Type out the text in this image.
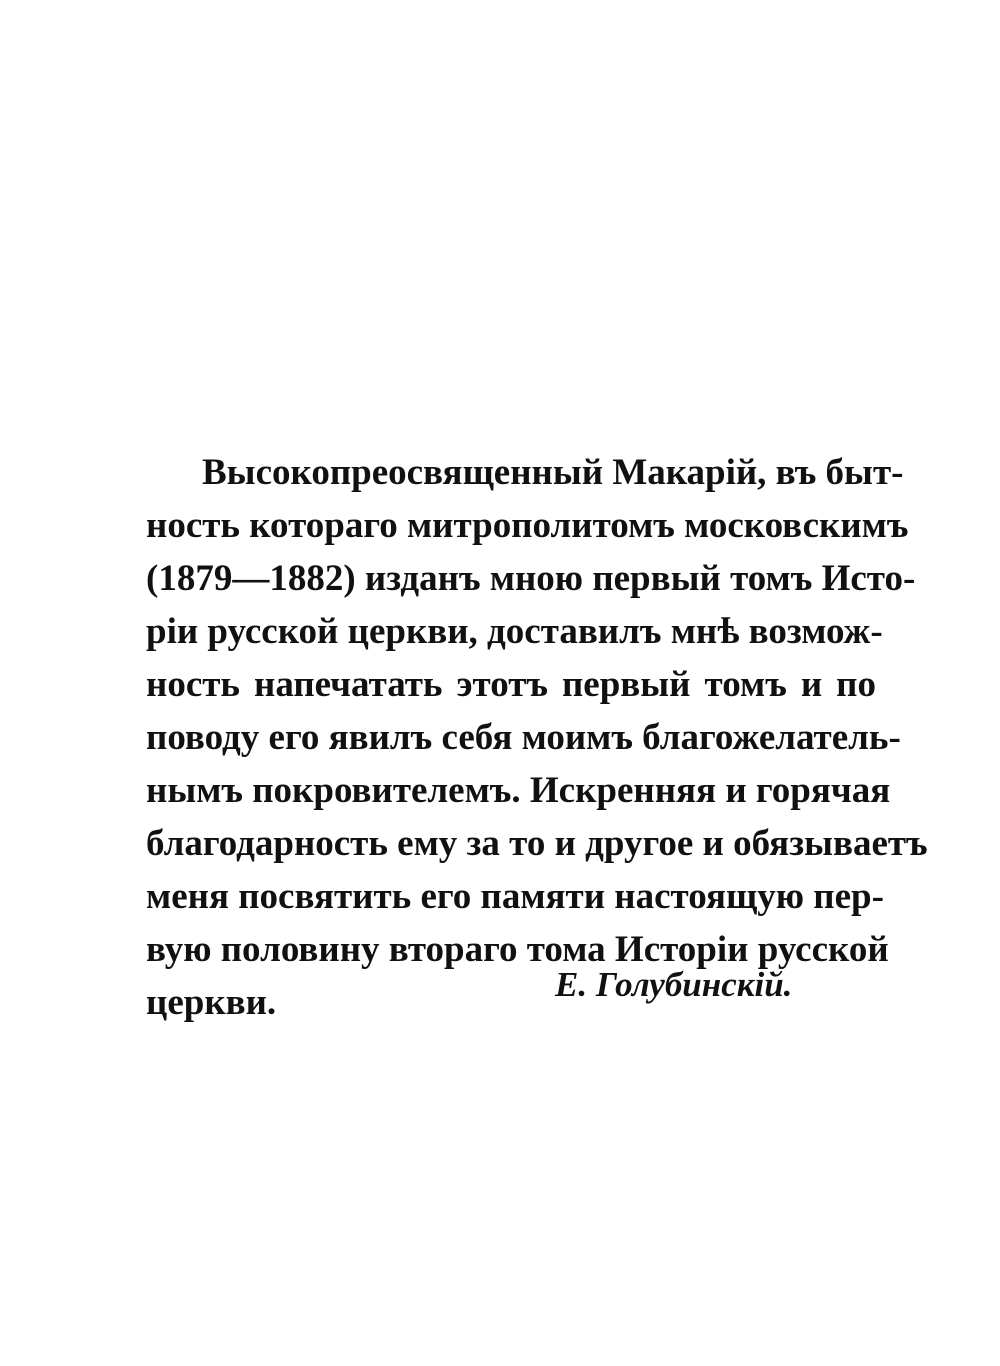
Высокопреосвященный Макарій, въ быт-
ность котораго митрополитомъ московскимъ
(1879—1882) изданъ мною первый томъ Исто-
ріи русской церкви, доставилъ мнѣ возмож-
ность напечатать этотъ первый томъ и по
поводу его явилъ себя моимъ благожелатель-
нымъ покровителемъ. Искренняя и горячая
благодарность ему за то и другое и обязываетъ
меня посвятить его памяти настоящую пер-
вую половину втораго тома Исторіи русской
церкви.	Е. Голубинскій.
